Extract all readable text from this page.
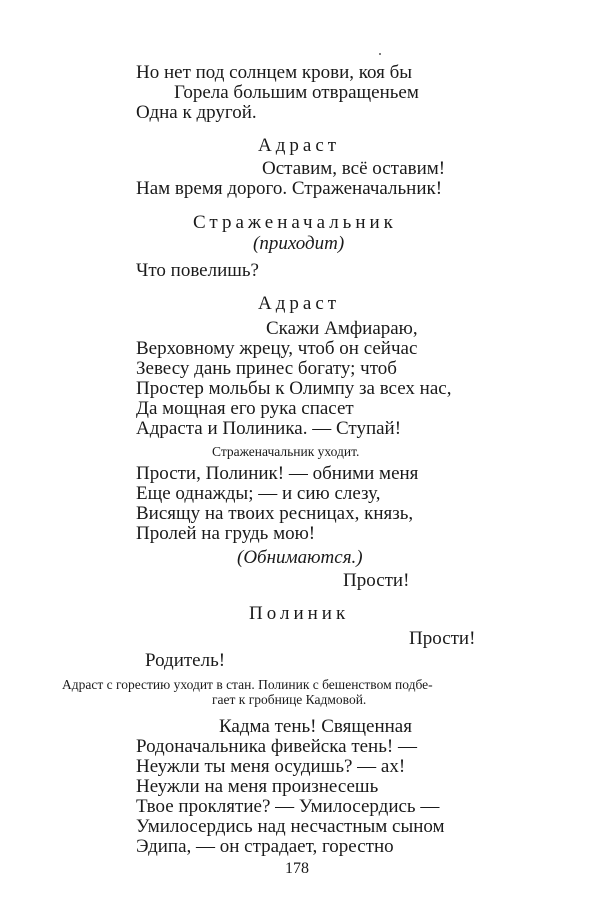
Но нет под солнцем крови, коя бы
Горела большим отвращеньем
Одна к другой.
Адраст
Оставим, всё оставим!
Нам время дорого. Страженачальник!
Страженачальник
(приходит)
Что повелишь?
Адраст
Скажи Амфиараю,
Верховному жрецу, чтоб он сейчас
Зевесу дань принес богату; чтоб
Простер мольбы к Олимпу за всех нас,
Да мощная его рука спасет
Адраста и Полиника. — Ступай!
Страженачальник уходит.
Прости, Полиник! — обними меня
Еще однажды; — и сию слезу,
Висящу на твоих ресницах, князь,
Пролей на грудь мою!
(Обнимаются.)
Прости!
Полиник
Прости!
Родитель!
Адраст с горестию уходит в стан. Полиник с бешенством подбе-
гает к гробнице Кадмовой.
Кадма тень! Священная
Родоначальника фивейска тень! —
Неужли ты меня осудишь? — ах!
Неужли на меня произнесешь
Твое проклятие? — Умилосердись —
Умилосердись над несчастным сыном
Эдипа, — он страдает, горестно
178
